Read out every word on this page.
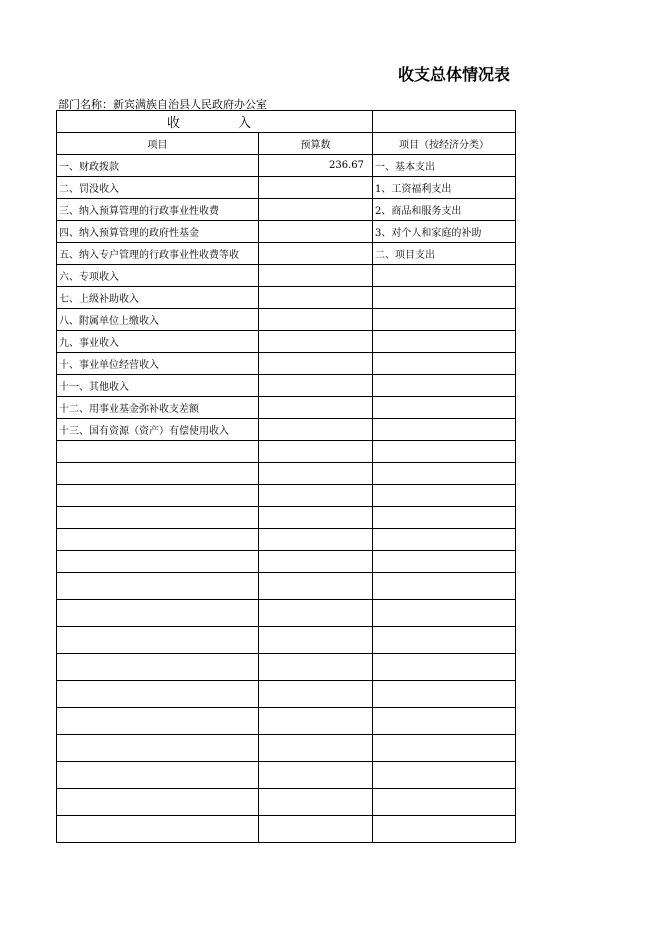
收支总体情况表
部门名称：新宾满族自治县人民政府办公室
收 入		
项目	预算数	项目（按经济分类）
一、财政拨款	236.67	一、基本支出
二、罚没收入		1、工资福利支出
三、纳入预算管理的行政事业性收费		2、商品和服务支出
四、纳入预算管理的政府性基金		3、对个人和家庭的补助
五、纳入专户管理的行政事业性收费等收		二、项目支出
六、专项收入		
七、上级补助收入		
八、附属单位上缴收入		
九、事业收入		
十、事业单位经营收入		
十一、其他收入		
十二、用事业基金弥补收支差额		
十三、国有资源（资产）有偿使用收入		
